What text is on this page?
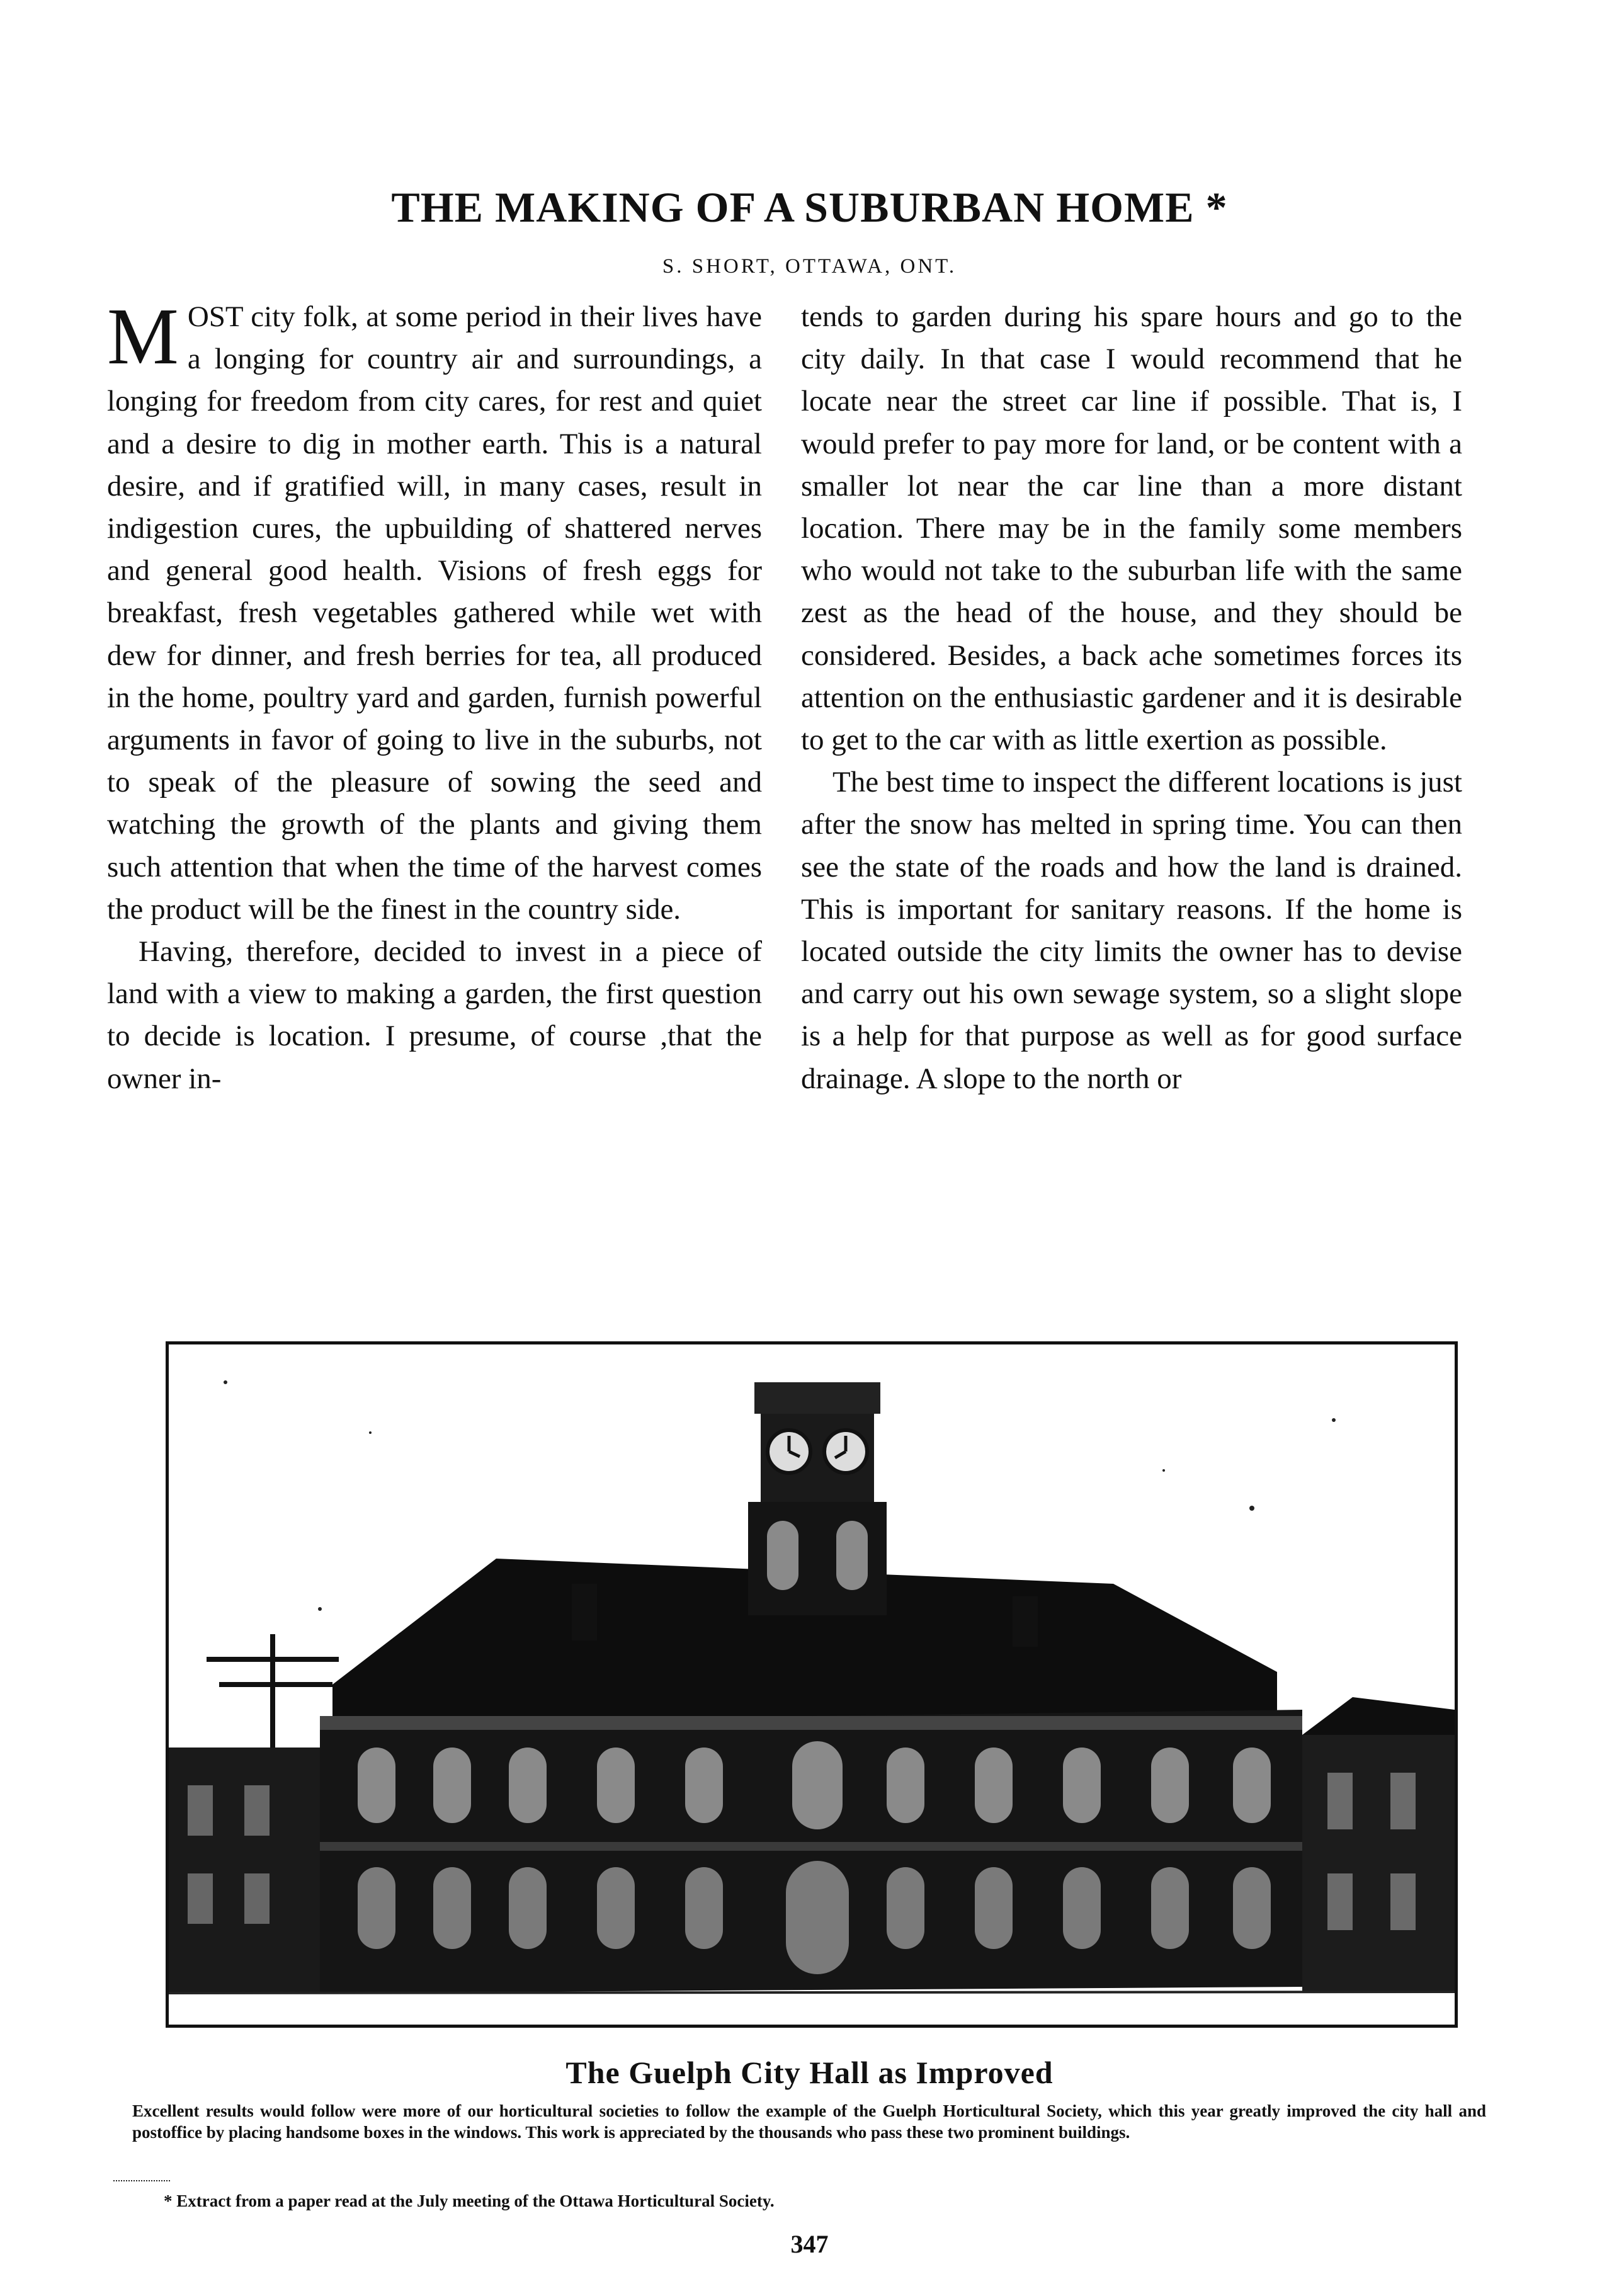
THE MAKING OF A SUBURBAN HOME *
S. SHORT, OTTAWA, ONT.

MOST city folk, at some period in their lives have a longing for country air and surroundings, a longing for freedom from city cares, for rest and quiet and a desire to dig in mother earth. This is a natural desire, and if gratified will, in many cases, result in indigestion cures, the upbuilding of shattered nerves and general good health. Visions of fresh eggs for breakfast, fresh vegetables gathered while wet with dew for dinner, and fresh berries for tea, all produced in the home, poultry yard and garden, furnish powerful arguments in favor of going to live in the suburbs, not to speak of the pleasure of sowing the seed and watching the growth of the plants and giving them such attention that when the time of the harvest comes the product will be the finest in the country side.

Having, therefore, decided to invest in a piece of land with a view to making a garden, the first question to decide is location. I presume, of course ,that the owner in-

tends to garden during his spare hours and go to the city daily. In that case I would recommend that he locate near the street car line if possible. That is, I would prefer to pay more for land, or be content with a smaller lot near the car line than a more distant location. There may be in the family some members who would not take to the suburban life with the same zest as the head of the house, and they should be considered. Besides, a back ache sometimes forces its attention on the enthusiastic gardener and it is desirable to get to the car with as little exertion as possible.

The best time to inspect the different locations is just after the snow has melted in spring time. You can then see the state of the roads and how the land is drained. This is important for sanitary reasons. If the home is located outside the city limits the owner has to devise and carry out his own sewage system, so a slight slope is a help for that purpose as well as for good surface drainage. A slope to the north or

The Guelph City Hall as Improved
Excellent results would follow were more of our horticultural societies to follow the example of the Guelph Horticultural Society, which this year greatly improved the city hall and postoffice by placing handsome boxes in the windows. This work is appreciated by the thousands who pass these two prominent buildings.
* Extract from a paper read at the July meeting of the Ottawa Horticultural Society.
347
